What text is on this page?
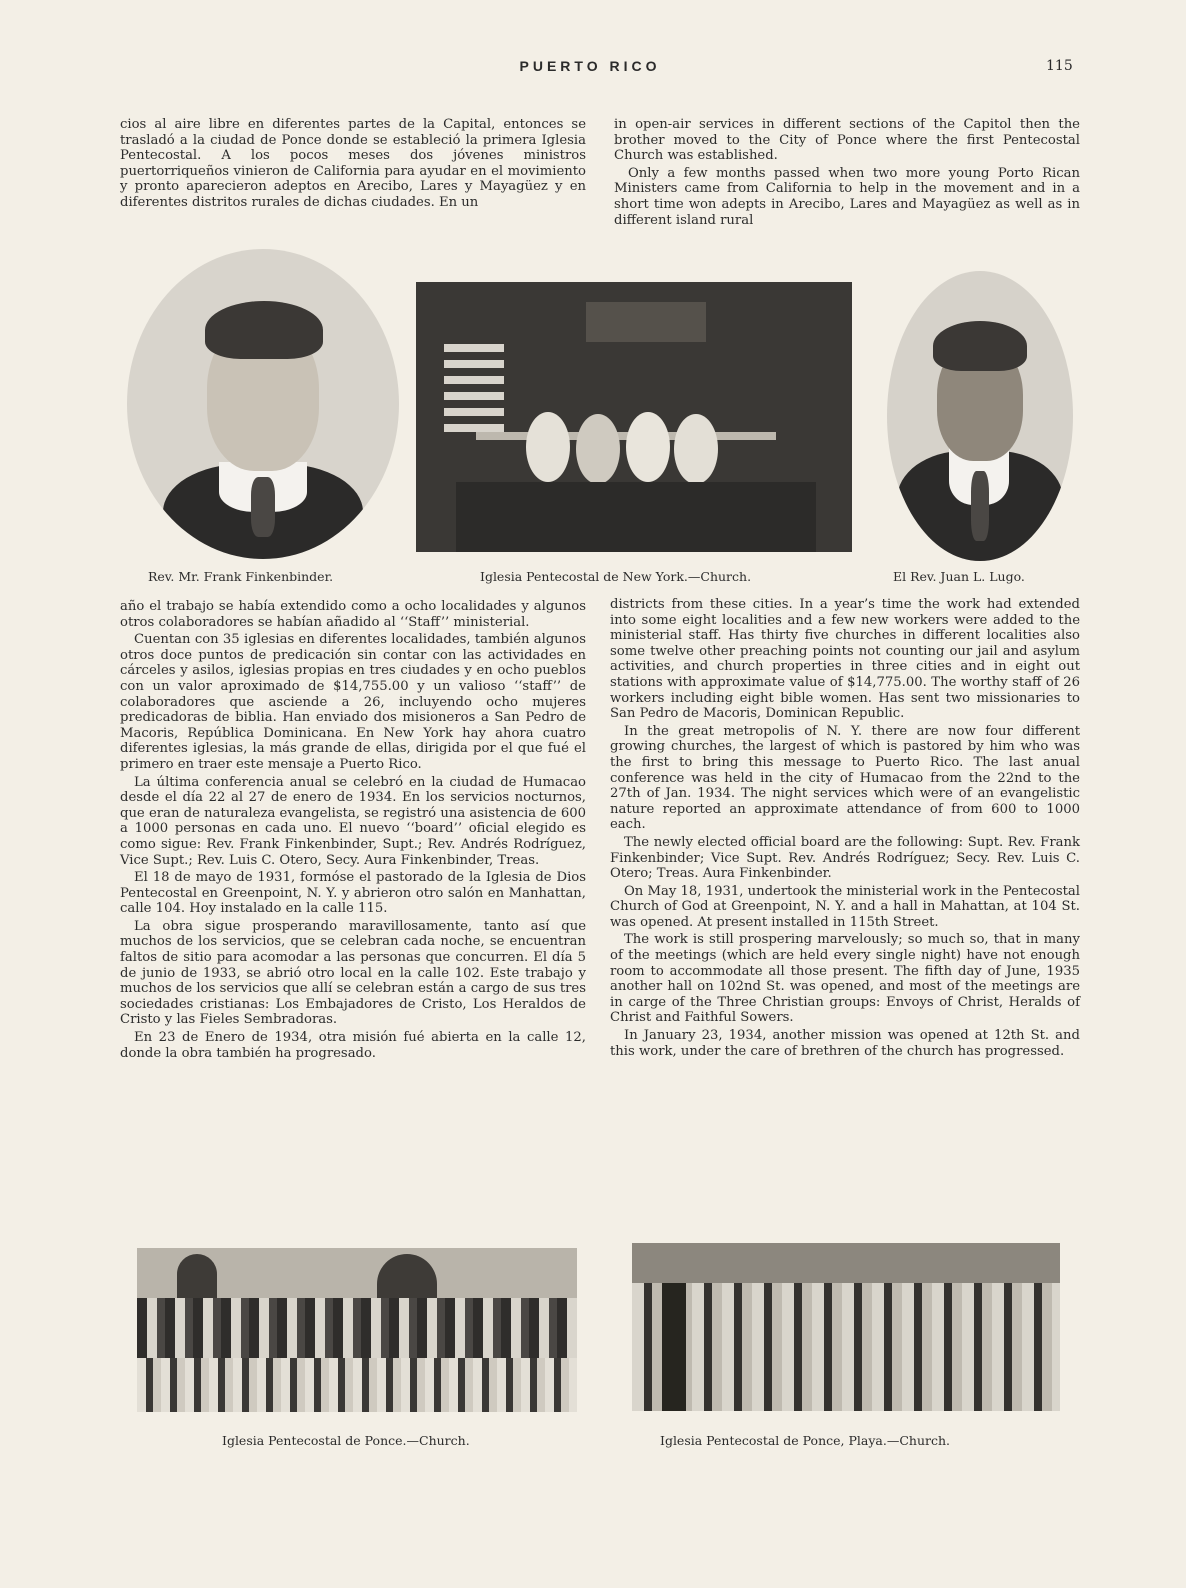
PUERTO RICO	115

cios al aire libre en diferentes partes de la Capital, entonces se trasladó a la ciudad de Ponce donde se estableció la primera Iglesia Pentecostal. A los pocos meses dos jóvenes ministros puertorriqueños vinieron de California para ayudar en el movimiento y pronto aparecieron adeptos en Arecibo, Lares y Mayagüez y en diferentes distritos rurales de dichas ciudades. En un

in open-air services in different sections of the Capitol then the brother moved to the City of Ponce where the first Pentecostal Church was established.

Only a few months passed when two more young Porto Rican Ministers came from California to help in the movement and in a short time won adepts in Arecibo, Lares and Mayagüez as well as in different island rural

Rev. Mr. Frank Finkenbinder.	Iglesia Pentecostal de New York.—Church.	El Rev. Juan L. Lugo.

año el trabajo se había extendido como a ocho localidades y algunos otros colaboradores se habían añadido al ‘‘Staff’’ ministerial.

Cuentan con 35 iglesias en diferentes localidades, también algunos otros doce puntos de predicación sin contar con las actividades en cárceles y asilos, iglesias propias en tres ciudades y en ocho pueblos con un valor aproximado de $14,755.00 y un valioso ‘‘staff’’ de colaboradores que asciende a 26, incluyendo ocho mujeres predicadoras de biblia. Han enviado dos misioneros a San Pedro de Macoris, República Dominicana. En New York hay ahora cuatro diferentes iglesias, la más grande de ellas, dirigida por el que fué el primero en traer este mensaje a Puerto Rico.

La última conferencia anual se celebró en la ciudad de Humacao desde el día 22 al 27 de enero de 1934. En los servicios nocturnos, que eran de naturaleza evangelista, se registró una asistencia de 600 a 1000 personas en cada uno. El nuevo ‘‘board’’ oficial elegido es como sigue: Rev. Frank Finkenbinder, Supt.; Rev. Andrés Rodríguez, Vice Supt.; Rev. Luis C. Otero, Secy. Aura Finkenbinder, Treas.

El 18 de mayo de 1931, formóse el pastorado de la Iglesia de Dios Pentecostal en Greenpoint, N. Y. y abrieron otro salón en Manhattan, calle 104. Hoy instalado en la calle 115.

La obra sigue prosperando maravillosamente, tanto así que muchos de los servicios, que se celebran cada noche, se encuentran faltos de sitio para acomodar a las personas que concurren. El día 5 de junio de 1933, se abrió otro local en la calle 102. Este trabajo y muchos de los servicios que allí se celebran están a cargo de sus tres sociedades cristianas: Los Embajadores de Cristo, Los Heraldos de Cristo y las Fieles Sembradoras.

En 23 de Enero de 1934, otra misión fué abierta en la calle 12, donde la obra también ha progresado.

districts from these cities. In a year’s time the work had extended into some eight localities and a few new workers were added to the ministerial staff. Has thirty five churches in different localities also some twelve other preaching points not counting our jail and asylum activities, and church properties in three cities and in eight out stations with approximate value of $14,775.00. The worthy staff of 26 workers including eight bible women. Has sent two missionaries to San Pedro de Macoris, Dominican Republic.

In the great metropolis of N. Y. there are now four different growing churches, the largest of which is pastored by him who was the first to bring this message to Puerto Rico. The last anual conference was held in the city of Humacao from the 22nd to the 27th of Jan. 1934. The night services which were of an evangelistic nature reported an approximate attendance of from 600 to 1000 each.

The newly elected official board are the following: Supt. Rev. Frank Finkenbinder; Vice Supt. Rev. Andrés Rodríguez; Secy. Rev. Luis C. Otero; Treas. Aura Finkenbinder.

On May 18, 1931, undertook the ministerial work in the Pentecostal Church of God at Greenpoint, N. Y. and a hall in Mahattan, at 104 St. was opened. At present installed in 115th Street.

The work is still prospering marvelously; so much so, that in many of the meetings (which are held every single night) have not enough room to accommodate all those present. The fifth day of June, 1935 another hall on 102nd St. was opened, and most of the meetings are in carge of the Three Christian groups: Envoys of Christ, Heralds of Christ and Faithful Sowers.

In January 23, 1934, another mission was opened at 12th St. and this work, under the care of brethren of the church has progressed.

Iglesia Pentecostal de Ponce.—Church.	Iglesia Pentecostal de Ponce, Playa.—Church.
